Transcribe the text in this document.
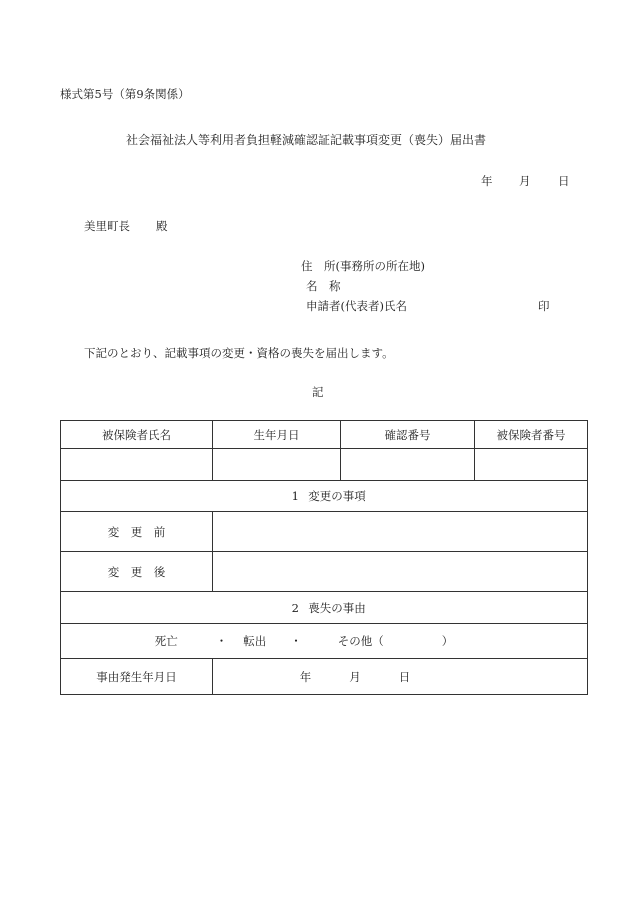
様式第5号（第9条関係）
社会福祉法人等利用者負担軽減確認証記載事項変更（喪失）届出書
年 月 日
美里町長 殿
住　所(事務所の所在地)
名　称
申請者(代表者)氏名	印
下記のとおり、記載事項の変更・資格の喪失を届出します。
記
被保険者氏名	生年月日	確認番号	被保険者番号

1 変更の事項			
変　更　前			
変　更　後			
2 喪失の事由			
死亡 ・ 転出 ・ その他（ ）			
事由発生年月日	年 月 日		
